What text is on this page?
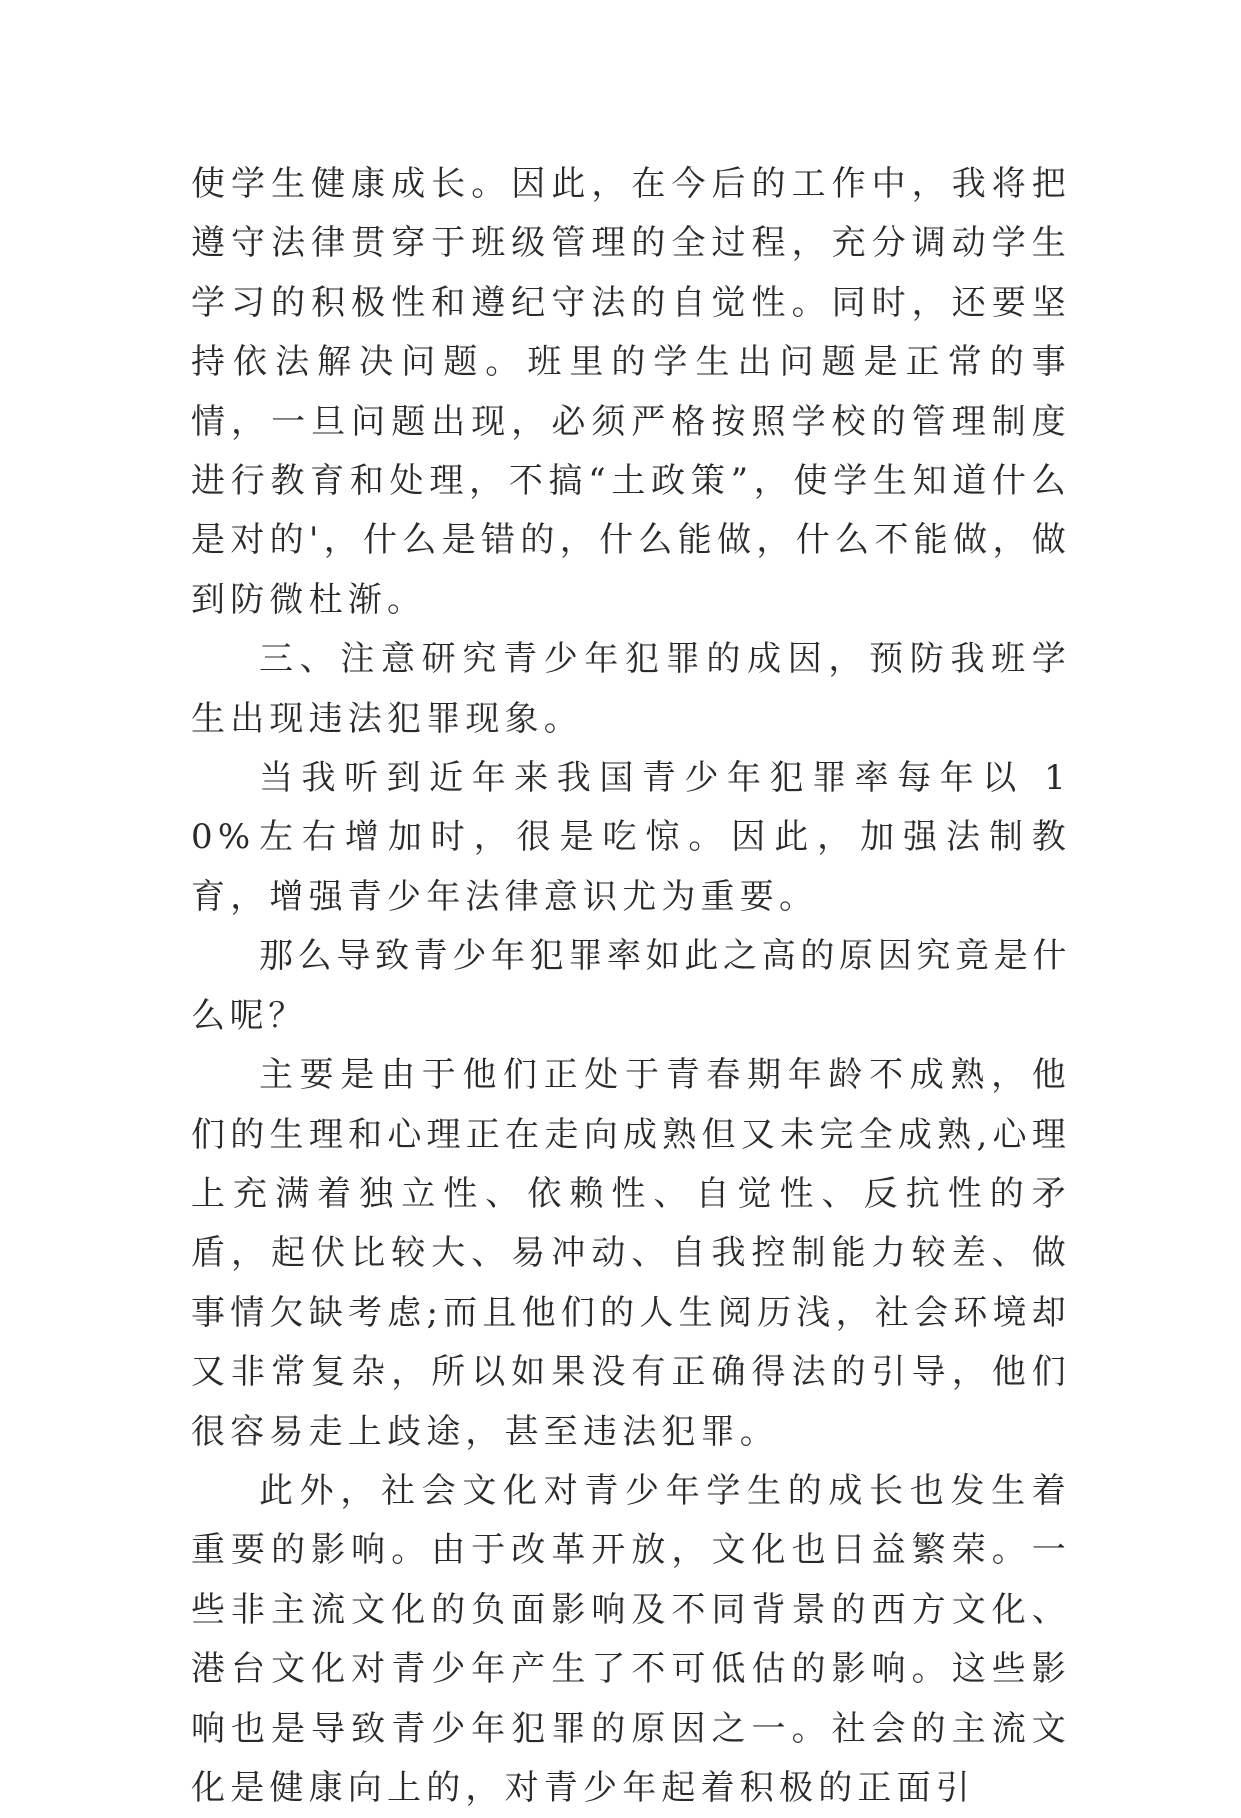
使学生健康成长。因此，在今后的工作中，我将把遵守法律贯穿于班级管理的全过程，充分调动学生学习的积极性和遵纪守法的自觉性。同时，还要坚持依法解决问题。班里的学生出问题是正常的事情，一旦问题出现，必须严格按照学校的管理制度进行教育和处理，不搞“土政策”，使学生知道什么是对的'，什么是错的，什么能做，什么不能做，做到防微杜渐。

三、注意研究青少年犯罪的成因，预防我班学生出现违法犯罪现象。

当我听到近年来我国青少年犯罪率每年以 10%左右增加时，很是吃惊。因此，加强法制教育，增强青少年法律意识尤为重要。

那么导致青少年犯罪率如此之高的原因究竟是什么呢？

主要是由于他们正处于青春期年龄不成熟，他们的生理和心理正在走向成熟但又未完全成熟,心理上充满着独立性、依赖性、自觉性、反抗性的矛盾，起伏比较大、易冲动、自我控制能力较差、做事情欠缺考虑;而且他们的人生阅历浅，社会环境却又非常复杂，所以如果没有正确得法的引导，他们很容易走上歧途，甚至违法犯罪。

此外，社会文化对青少年学生的成长也发生着重要的影响。由于改革开放，文化也日益繁荣。一些非主流文化的负面影响及不同背景的西方文化、港台文化对青少年产生了不可低估的影响。这些影响也是导致青少年犯罪的原因之一。社会的主流文化是健康向上的，对青少年起着积极的正面引
